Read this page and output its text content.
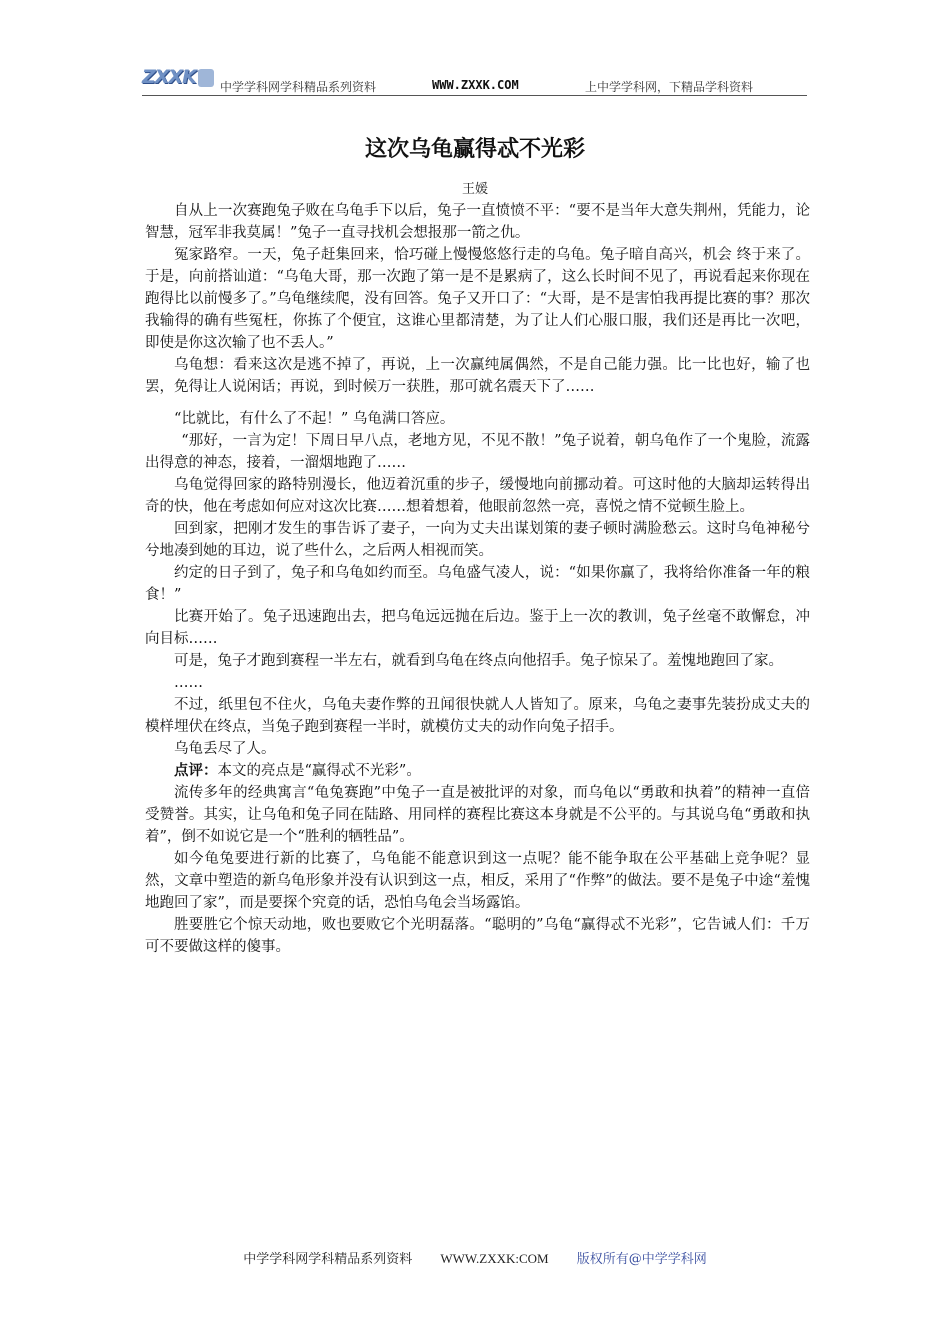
ZXXK 中学学科网学科精品系列资料	WWW.ZXXK.COM	上中学学科网，下精品学科资料
这次乌龟赢得忒不光彩
王媛

自从上一次赛跑兔子败在乌龟手下以后，兔子一直愤愤不平：“要不是当年大意失荆州，凭能力，论智慧，冠军非我莫属！”兔子一直寻找机会想报那一箭之仇。

冤家路窄。一天，兔子赶集回来，恰巧碰上慢慢悠悠行走的乌龟。兔子暗自高兴，机会 终于来了。于是，向前搭讪道：“乌龟大哥，那一次跑了第一是不是累病了，这么长时间不见了，再说看起来你现在跑得比以前慢多了。”乌龟继续爬，没有回答。兔子又开口了：“大哥，是不是害怕我再提比赛的事？那次我输得的确有些冤枉，你拣了个便宜，这谁心里都清楚，为了让人们心服口服，我们还是再比一次吧，即使是你这次输了也不丢人。”

乌龟想：看来这次是逃不掉了，再说，上一次赢纯属偶然，不是自己能力强。比一比也好，输了也罢，免得让人说闲话；再说，到时候万一获胜，那可就名震天下了……

“比就比，有什么了不起！” 乌龟满口答应。

“那好，一言为定！下周日早八点，老地方见，不见不散！”兔子说着，朝乌龟作了一个鬼脸，流露出得意的神态，接着，一溜烟地跑了……

乌龟觉得回家的路特别漫长，他迈着沉重的步子，缓慢地向前挪动着。可这时他的大脑却运转得出奇的快，他在考虑如何应对这次比赛……想着想着，他眼前忽然一亮，喜悦之情不觉顿生脸上。

回到家，把刚才发生的事告诉了妻子，一向为丈夫出谋划策的妻子顿时满脸愁云。这时乌龟神秘兮兮地凑到她的耳边，说了些什么，之后两人相视而笑。

约定的日子到了，兔子和乌龟如约而至。乌龟盛气凌人，说：“如果你赢了，我将给你准备一年的粮食！”

比赛开始了。兔子迅速跑出去，把乌龟远远抛在后边。鉴于上一次的教训，兔子丝毫不敢懈怠，冲向目标……

可是，兔子才跑到赛程一半左右，就看到乌龟在终点向他招手。兔子惊呆了。羞愧地跑回了家。

……

不过，纸里包不住火，乌龟夫妻作弊的丑闻很快就人人皆知了。原来，乌龟之妻事先装扮成丈夫的模样埋伏在终点，当兔子跑到赛程一半时，就模仿丈夫的动作向兔子招手。

乌龟丢尽了人。

点评：本文的亮点是“赢得忒不光彩”。

流传多年的经典寓言“龟兔赛跑”中兔子一直是被批评的对象，而乌龟以“勇敢和执着”的精神一直倍受赞誉。其实，让乌龟和兔子同在陆路、用同样的赛程比赛这本身就是不公平的。与其说乌龟“勇敢和执着”，倒不如说它是一个“胜利的牺牲品”。

如今龟兔要进行新的比赛了，乌龟能不能意识到这一点呢？能不能争取在公平基础上竞争呢？显然，文章中塑造的新乌龟形象并没有认识到这一点，相反，采用了“作弊”的做法。要不是兔子中途“羞愧地跑回了家”，而是要探个究竟的话，恐怕乌龟会当场露馅。

胜要胜它个惊天动地，败也要败它个光明磊落。“聪明的”乌龟“赢得忒不光彩”，它告诫人们：千万可不要做这样的傻事。

中学学科网学科精品系列资料 WWW.ZXXK:COM 版权所有@中学学科网
